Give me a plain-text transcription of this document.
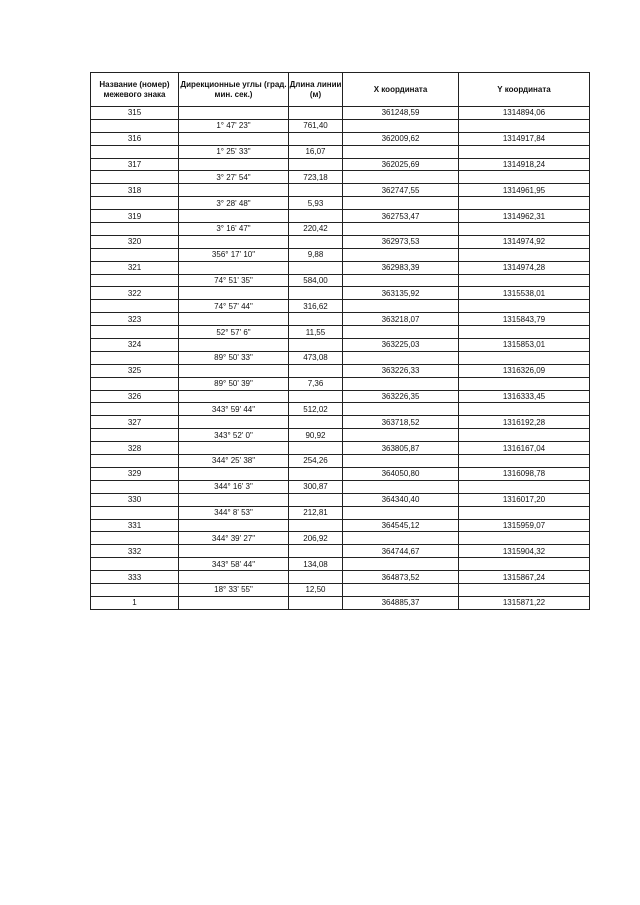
Название (номер) межевого знака	Дирекционные углы (град. мин. сек.)	Длина линии (м)	X координата	Y координата
315			361248,59	1314894,06
	1° 47' 23"	761,40		
316			362009,62	1314917,84
	1° 25' 33"	16,07		
317			362025,69	1314918,24
	3° 27' 54"	723,18		
318			362747,55	1314961,95
	3° 28' 48"	5,93		
319			362753,47	1314962,31
	3° 16' 47"	220,42		
320			362973,53	1314974,92
	356° 17' 10"	9,88		
321			362983,39	1314974,28
	74° 51' 35"	584,00		
322			363135,92	1315538,01
	74° 57' 44"	316,62		
323			363218,07	1315843,79
	52° 57' 6"	11,55		
324			363225,03	1315853,01
	89° 50' 33"	473,08		
325			363226,33	1316326,09
	89° 50' 39"	7,36		
326			363226,35	1316333,45
	343° 59' 44"	512,02		
327			363718,52	1316192,28
	343° 52' 0"	90,92		
328			363805,87	1316167,04
	344° 25' 38"	254,26		
329			364050,80	1316098,78
	344° 16' 3"	300,87		
330			364340,40	1316017,20
	344° 8' 53"	212,81		
331			364545,12	1315959,07
	344° 39' 27"	206,92		
332			364744,67	1315904,32
	343° 58' 44"	134,08		
333			364873,52	1315867,24
	18° 33' 55"	12,50		
1			364885,37	1315871,22
